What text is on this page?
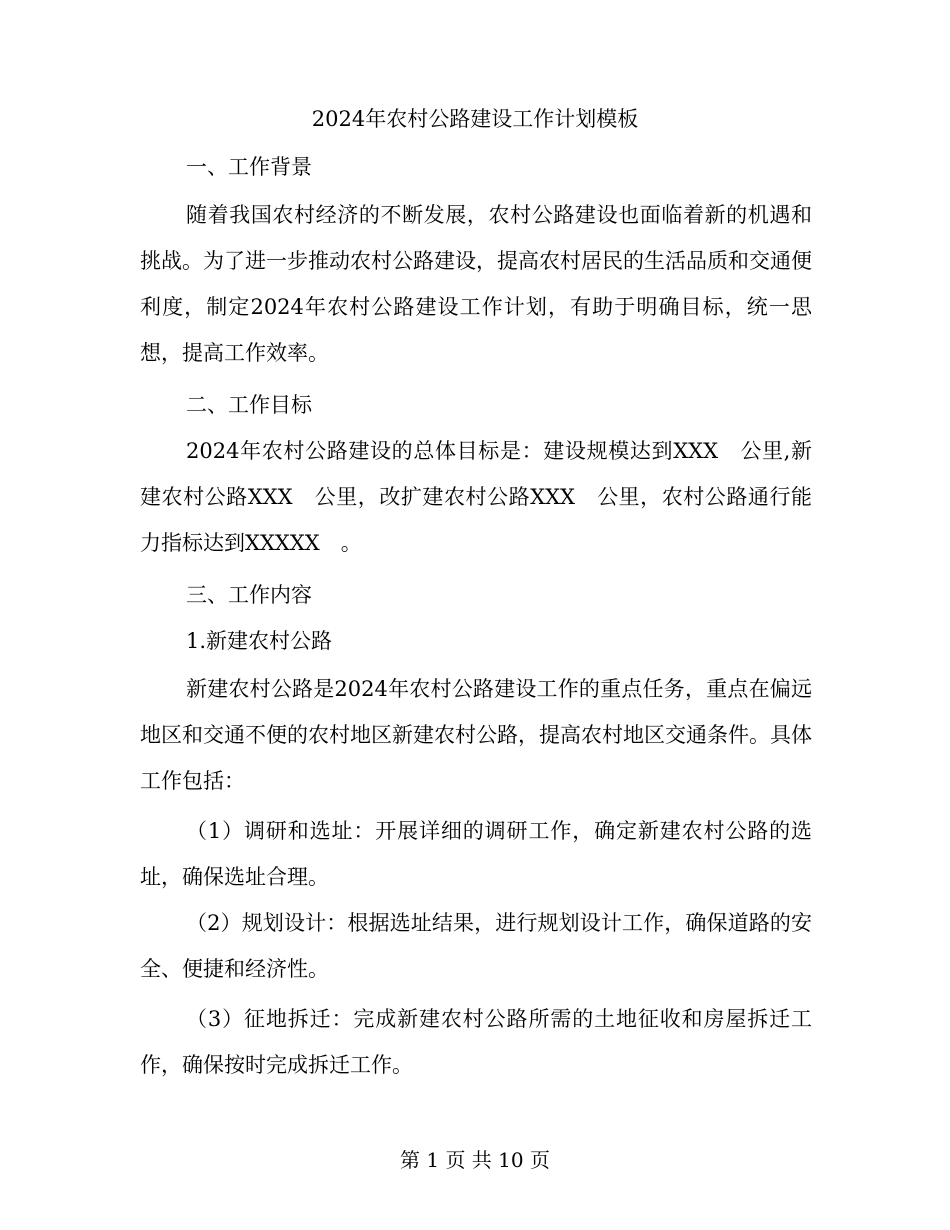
2024年农村公路建设工作计划模板
一、工作背景
随着我国农村经济的不断发展，农村公路建设也面临着新的机遇和挑战。为了进一步推动农村公路建设，提高农村居民的生活品质和交通便利度，制定2024年农村公路建设工作计划，有助于明确目标，统一思想，提高工作效率。
二、工作目标
2024年农村公路建设的总体目标是：建设规模达到XXX　公里,新建农村公路XXX　公里，改扩建农村公路XXX　公里，农村公路通行能力指标达到XXXXX　。
三、工作内容
1.新建农村公路
新建农村公路是2024年农村公路建设工作的重点任务，重点在偏远地区和交通不便的农村地区新建农村公路，提高农村地区交通条件。具体工作包括：
（1）调研和选址：开展详细的调研工作，确定新建农村公路的选址，确保选址合理。
（2）规划设计：根据选址结果，进行规划设计工作，确保道路的安全、便捷和经济性。
（3）征地拆迁：完成新建农村公路所需的土地征收和房屋拆迁工作，确保按时完成拆迁工作。
第 1 页 共 10 页
